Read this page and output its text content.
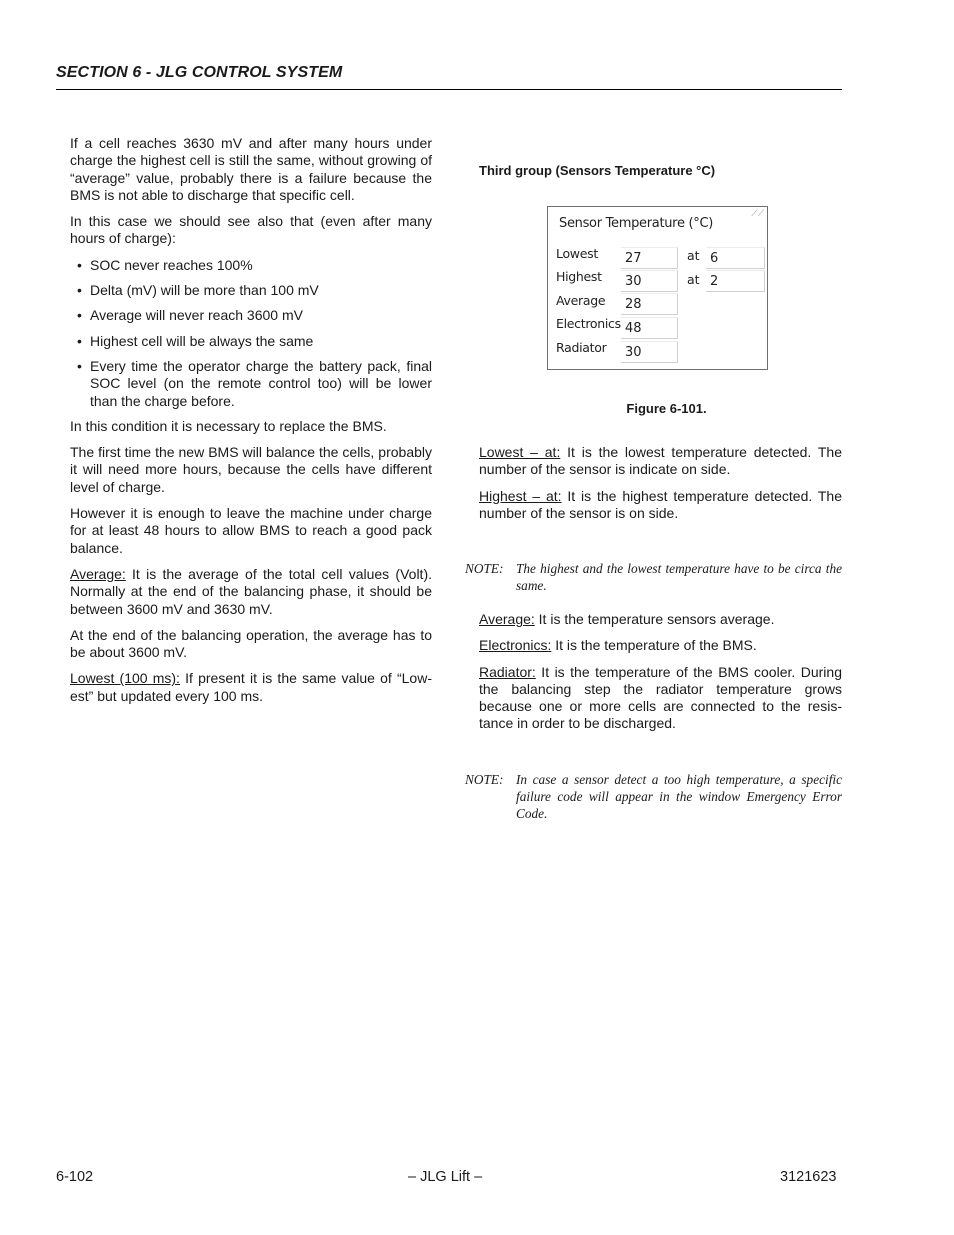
SECTION 6 - JLG CONTROL SYSTEM

If a cell reaches 3630 mV and after many hours under charge the highest cell is still the same, without growing of “average” value, probably there is a failure because the BMS is not able to discharge that specific cell.

In this case we should see also that (even after many hours of charge):

• SOC never reaches 100%
• Delta (mV) will be more than 100 mV
• Average will never reach 3600 mV
• Highest cell will be always the same
• Every time the operator charge the battery pack, final SOC level (on the remote control too) will be lower than the charge before.

In this condition it is necessary to replace the BMS.

The first time the new BMS will balance the cells, probably it will need more hours, because the cells have different level of charge.

However it is enough to leave the machine under charge for at least 48 hours to allow BMS to reach a good pack balance.

Average: It is the average of the total cell values (Volt). Normally at the end of the balancing phase, it should be between 3600 mV and 3630 mV.

At the end of the balancing operation, the average has to be about 3600 mV.

Lowest (100 ms): If present it is the same value of “Low-est” but updated every 100 ms.

Third group (Sensors Temperature °C)

Sensor Temperature (°C)
⟋⟋
Lowest	27	at 6
Highest	30	at 2
Average	28
Electronics 48
Radiator	30
Figure 6-101.

Lowest – at: It is the lowest temperature detected. The number of the sensor is indicate on side.

Highest – at: It is the highest temperature detected. The number of the sensor is on side.

NOTE: The highest and the lowest temperature have to be circa the same.

Average: It is the temperature sensors average.

Electronics: It is the temperature of the BMS.

Radiator: It is the temperature of the BMS cooler. During the balancing step the radiator temperature grows because one or more cells are connected to the resis-tance in order to be discharged.

NOTE: In case a sensor detect a too high temperature, a specific failure code will appear in the window Emergency Error Code.
6-102	– JLG Lift –	3121623
